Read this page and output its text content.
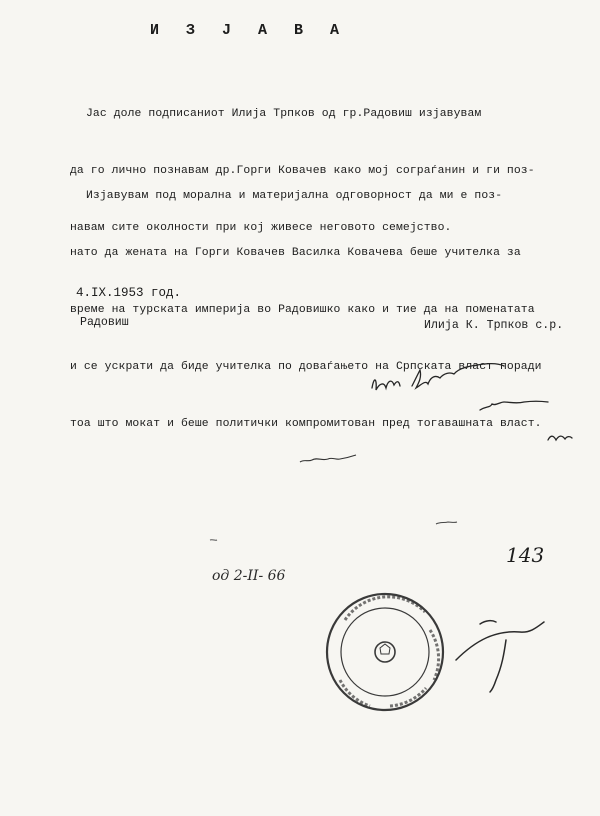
И З Ј А В А

Јас доле подписаниот Илија Трпков од гр.Радовиш изјавувам

да го лично познавам др.Горги Ковачев како мој сограѓанин и ги поз-

навам сите околности при кој живесе неговото семејство.

Изјавувам под морална и материјална одговорност да ми е поз-

нато да жената на Горги Ковачев Василка Ковачева беше учителка за

време на турската империја во Радовишко како и тие да на поменатата

и се ускрати да биде учителка по доваѓањето на Српската власт поради

тоа што мокат и беше политички компромитован пред тогавашната власт.

4.IX.1953 год.
Радовиш	Илија К. Трпков с.р.
143
од 2-II- 66
